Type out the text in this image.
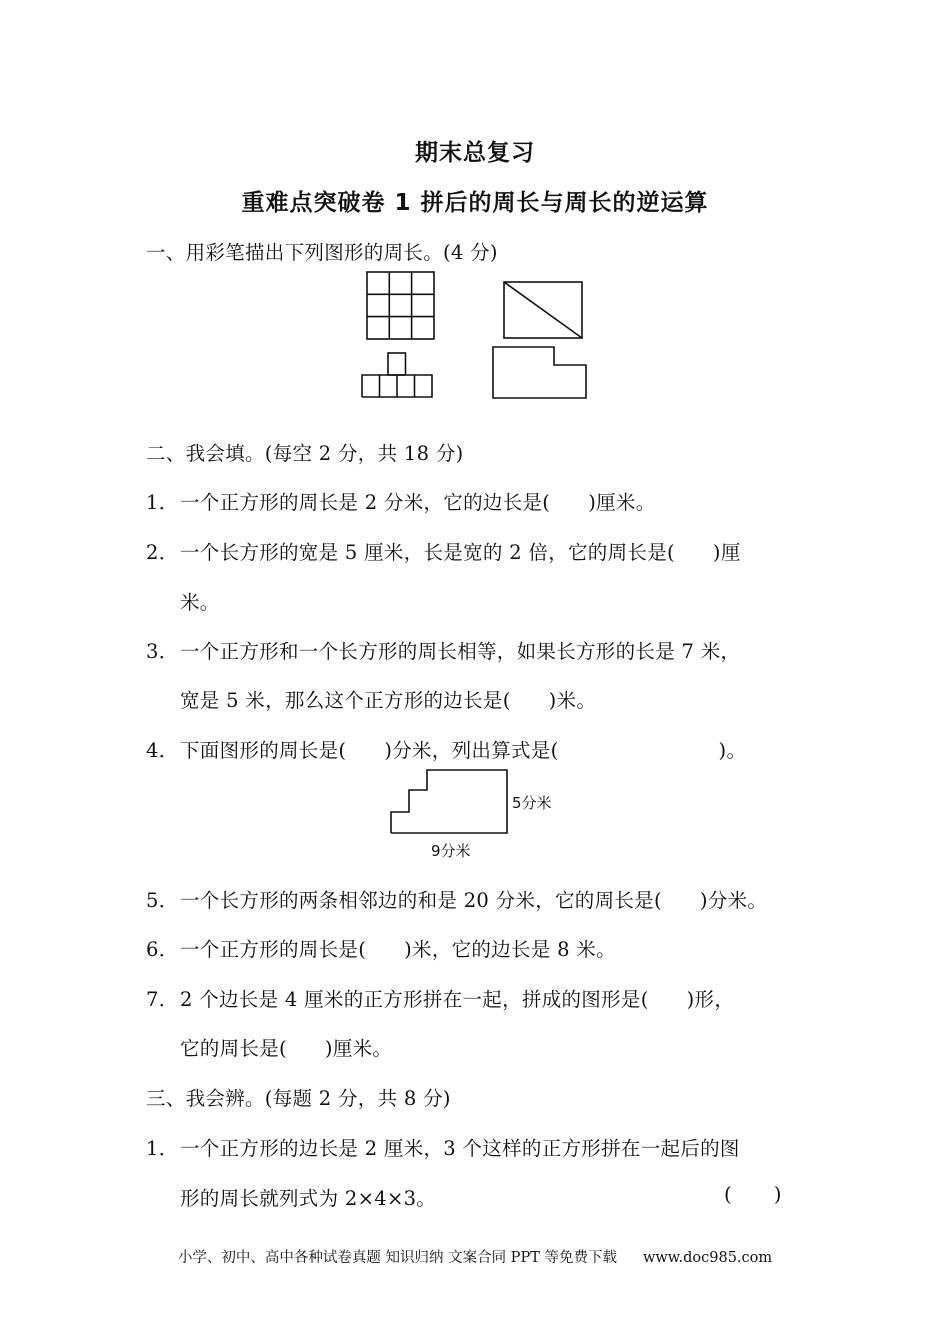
期末总复习
重难点突破卷 1 拼后的周长与周长的逆运算
一、用彩笔描出下列图形的周长。(4 分)
二、我会填。(每空 2 分，共 18 分)
1．一个正方形的周长是 2 分米，它的边长是( )厘米。
2．一个长方形的宽是 5 厘米，长是宽的 2 倍，它的周长是( )厘
米。
3．一个正方形和一个长方形的周长相等，如果长方形的长是 7 米，
宽是 5 米，那么这个正方形的边长是( )米。
4．下面图形的周长是( )分米，列出算式是(	)。
5分米
9分米
5．一个长方形的两条相邻边的和是 20 分米，它的周长是( )分米。
6．一个正方形的周长是( )米，它的边长是 8 米。
7．2 个边长是 4 厘米的正方形拼在一起，拼成的图形是( )形，
它的周长是( )厘米。
三、我会辨。(每题 2 分，共 8 分)
1．一个正方形的边长是 2 厘米，3 个这样的正方形拼在一起后的图
形的周长就列式为 2×4×3。	( )
小学、初中、高中各种试卷真题 知识归纳 文案合同 PPT 等免费下载 www.doc985.com
